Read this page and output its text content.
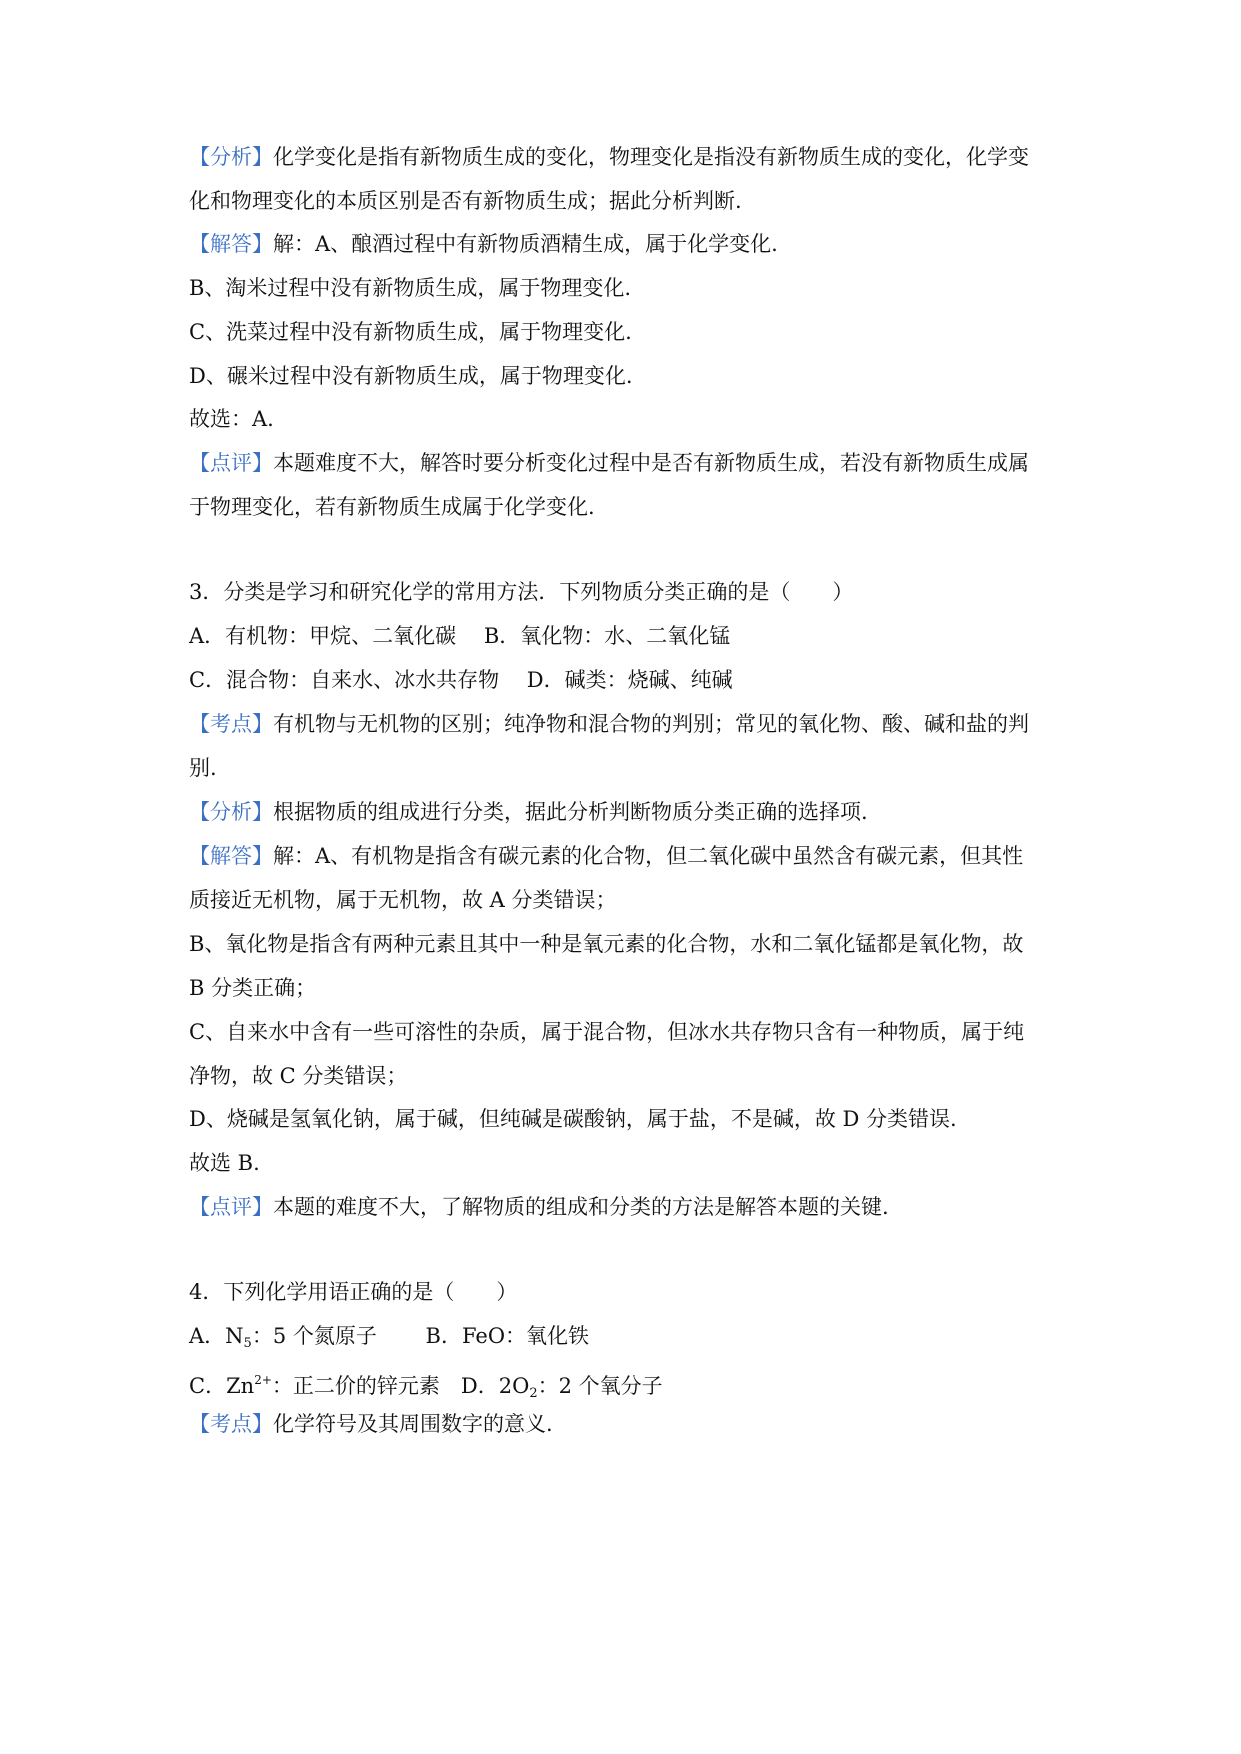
【分析】化学变化是指有新物质生成的变化，物理变化是指没有新物质生成的变化，化学变
化和物理变化的本质区别是否有新物质生成；据此分析判断.
【解答】解：A、酿酒过程中有新物质酒精生成，属于化学变化.
B、淘米过程中没有新物质生成，属于物理变化.
C、洗菜过程中没有新物质生成，属于物理变化.
D、碾米过程中没有新物质生成，属于物理变化.
故选：A.
【点评】本题难度不大，解答时要分析变化过程中是否有新物质生成，若没有新物质生成属
于物理变化，若有新物质生成属于化学变化.
3．分类是学习和研究化学的常用方法．下列物质分类正确的是（　　）
A．有机物：甲烷、二氧化碳　 B．氧化物：水、二氧化锰
C．混合物：自来水、冰水共存物　 D．碱类：烧碱、纯碱
【考点】有机物与无机物的区别；纯净物和混合物的判别；常见的氧化物、酸、碱和盐的判
别.
【分析】根据物质的组成进行分类，据此分析判断物质分类正确的选择项.
【解答】解：A、有机物是指含有碳元素的化合物，但二氧化碳中虽然含有碳元素，但其性
质接近无机物，属于无机物，故 A 分类错误；
B、氧化物是指含有两种元素且其中一种是氧元素的化合物，水和二氧化锰都是氧化物，故
B 分类正确；
C、自来水中含有一些可溶性的杂质，属于混合物，但冰水共存物只含有一种物质，属于纯
净物，故 C 分类错误；
D、烧碱是氢氧化钠，属于碱，但纯碱是碳酸钠，属于盐，不是碱，故 D 分类错误.
故选 B.
【点评】本题的难度不大，了解物质的组成和分类的方法是解答本题的关键.
4．下列化学用语正确的是（　　）
A．$N_5$：5 个氮原子　　 B．FeO：氧化铁
C．$Zn^{2+}$：正二价的锌元素　D．$2O_2$：2 个氧分子
【考点】化学符号及其周围数字的意义.
